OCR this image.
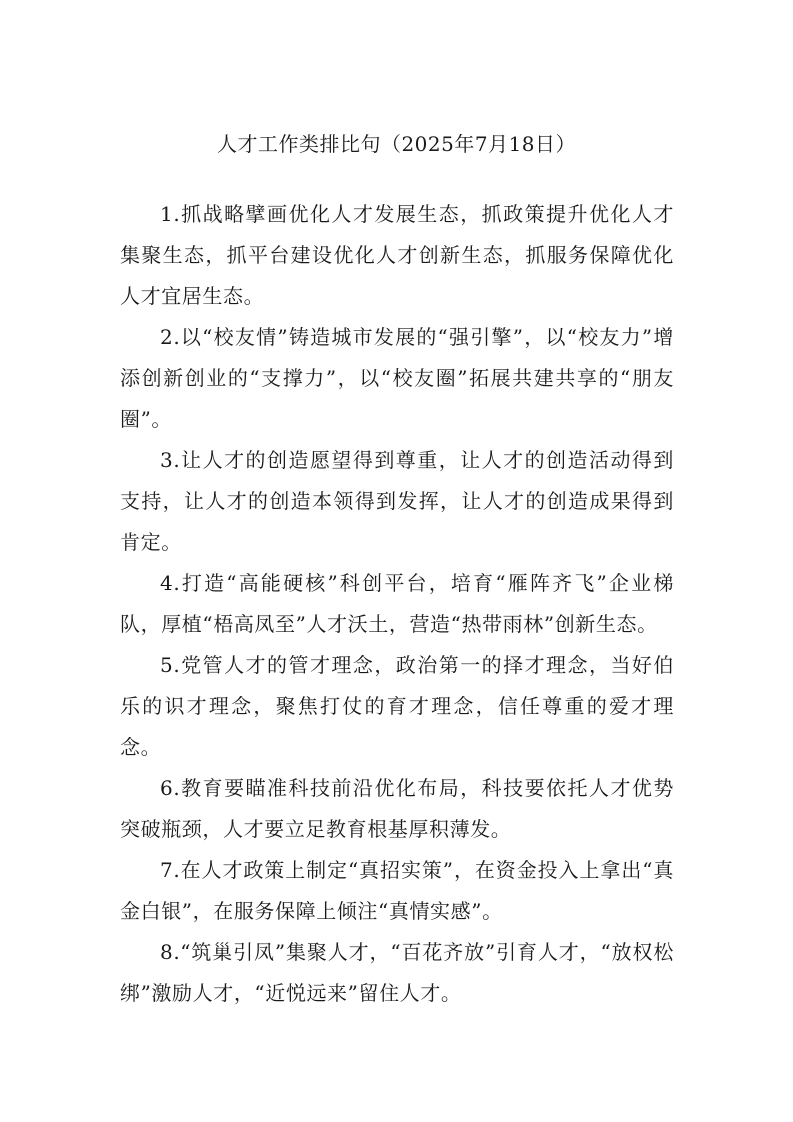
人才工作类排比句（2025年7月18日）

1.抓战略擘画优化人才发展生态，抓政策提升优化人才集聚生态，抓平台建设优化人才创新生态，抓服务保障优化人才宜居生态。

2.以“校友情”铸造城市发展的“强引擎”，以“校友力”增添创新创业的“支撑力”，以“校友圈”拓展共建共享的“朋友圈”。

3.让人才的创造愿望得到尊重，让人才的创造活动得到支持，让人才的创造本领得到发挥，让人才的创造成果得到肯定。

4.打造“高能硬核”科创平台，培育“雁阵齐飞”企业梯队，厚植“梧高凤至”人才沃土，营造“热带雨林”创新生态。

5.党管人才的管才理念，政治第一的择才理念，当好伯乐的识才理念，聚焦打仗的育才理念，信任尊重的爱才理念。

6.教育要瞄准科技前沿优化布局，科技要依托人才优势突破瓶颈，人才要立足教育根基厚积薄发。

7.在人才政策上制定“真招实策”，在资金投入上拿出“真金白银”，在服务保障上倾注“真情实感”。

8.“筑巢引凤”集聚人才，“百花齐放”引育人才，“放权松绑”激励人才，“近悦远来”留住人才。
